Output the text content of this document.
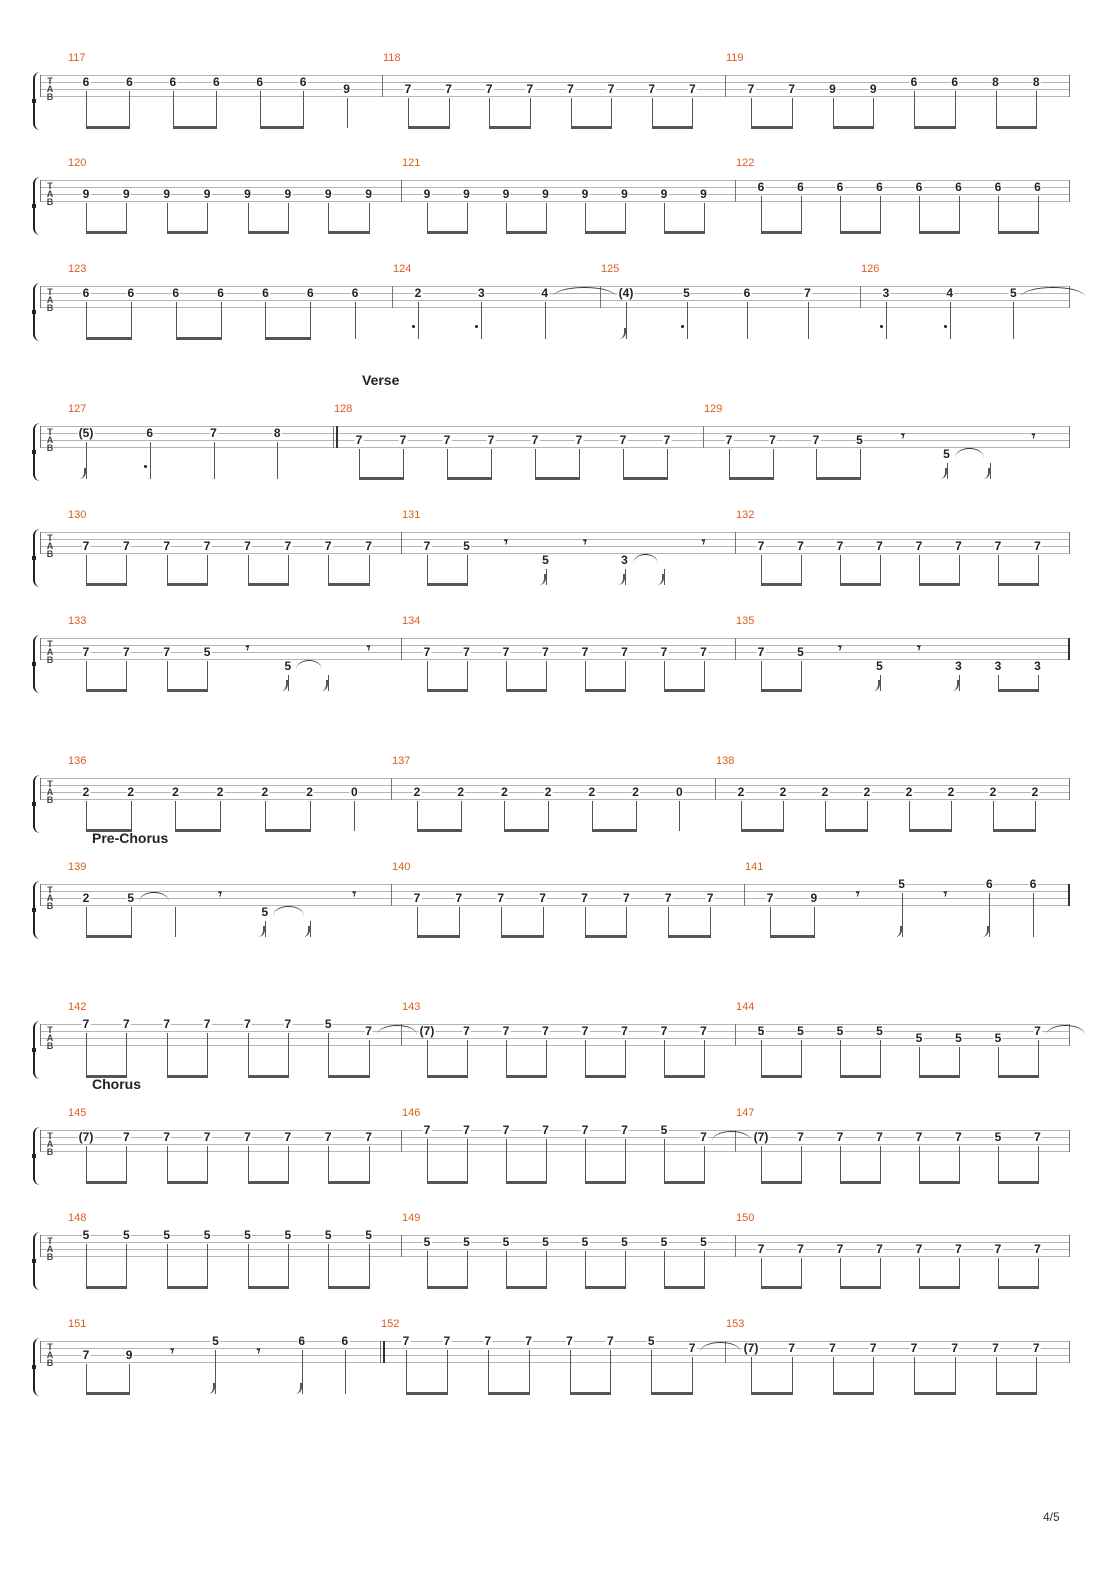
T
A
B
117
6	6	6	6	6	6	9
118
7	7	7	7	7	7	7	7
119
7	7	9	9	6	6	8	8
T
A
B
120
9	9	9	9	9	9	9	9
121
9	9	9	9	9	9	9	9
122
6	6	6	6	6	6	6	6
T
A
B
123
6	6	6	6	6	6	6
124
2	3	4
125
(4)	5	6	7
126
3	4	5
T
A
B
127
(5)	6	7	8
128
7	7	7	7	7	7	7	7
129
7	7	7	5	𝄾
5
𝄾
T
A
B
130
7	7	7	7	7	7	7	7
131
7	5 𝄾
5
𝄾
3
𝄾
132
7	7	7	7	7	7	7	7
T
A
B
133
7	7	7	5	𝄾
5
𝄾
134
7	7	7	7	7	7	7	7
135
7	5 𝄾
5
𝄾
3	3	3
T
A
B
136
2	2	2	2	2	2	0
137
2	2	2	2	2	2	0
138
2	2	2	2	2	2	2	2
T
A
B
139
2	5	𝄾
5
𝄾
140
7	7	7	7	7	7	7	7
141
7	9	𝄾
5
𝄾
6	6
T
A
B
142
7	7	7	7	7	7	5	7
143
(7) 7	7	7	7	7	7	7
144
5	5	5	5	5	5	5	7
T
A
B
145
(7) 7	7	7	7	7	7	7
146
7	7	7	7	7	7	5	7
147
(7) 7	7	7	7	7	5	7
T
A
B
148
5	5	5	5	5	5	5	5
149
5	5	5	5	5	5	5	5
150
7	7	7	7	7	7	7	7
T
A
B
151
7	9	𝄾
5
𝄾
6	6
152
7	7	7	7	7	7	5	7
153
(7)	7	7	7	7	7	7	7
Verse
Pre-Chorus
Chorus
4/5
